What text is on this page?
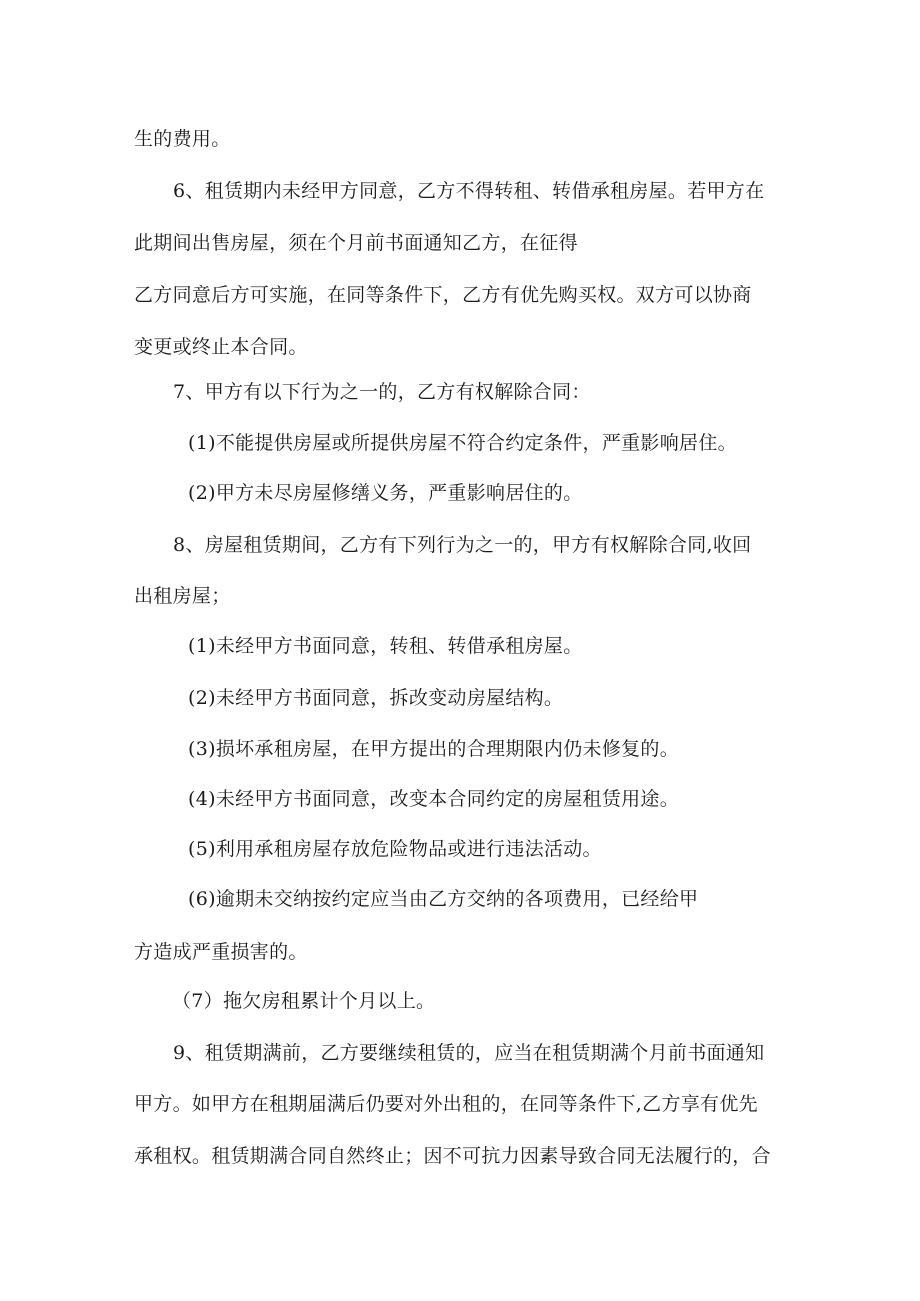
生的费用。

6、租赁期内未经甲方同意，乙方不得转租、转借承租房屋。若甲方在

此期间出售房屋，须在个月前书面通知乙方，在征得

乙方同意后方可实施，在同等条件下，乙方有优先购买权。双方可以协商

变更或终止本合同。

7、甲方有以下行为之一的，乙方有权解除合同：

(1)不能提供房屋或所提供房屋不符合约定条件，严重影响居住。

(2)甲方未尽房屋修缮义务，严重影响居住的。

8、房屋租赁期间，乙方有下列行为之一的，甲方有权解除合同,收回

出租房屋；

(1)未经甲方书面同意，转租、转借承租房屋。

(2)未经甲方书面同意，拆改变动房屋结构。

(3)损坏承租房屋，在甲方提出的合理期限内仍未修复的。

(4)未经甲方书面同意，改变本合同约定的房屋租赁用途。

(5)利用承租房屋存放危险物品或进行违法活动。

(6)逾期未交纳按约定应当由乙方交纳的各项费用，已经给甲

方造成严重损害的。

（7）拖欠房租累计个月以上。

9、租赁期满前，乙方要继续租赁的，应当在租赁期满个月前书面通知

甲方。如甲方在租期届满后仍要对外出租的，在同等条件下,乙方享有优先

承租权。租赁期满合同自然终止；因不可抗力因素导致合同无法履行的，合
